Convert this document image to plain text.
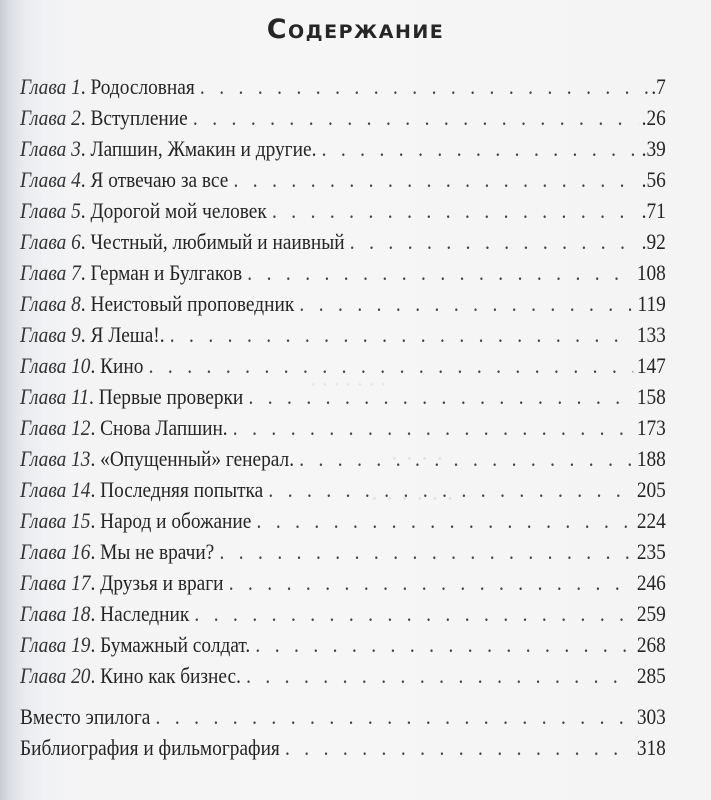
· · · · · · ·
· · · ·
· · · · · ·
Содержание
Глава 1 . Родословная . . .	.7
Глава 2 . Вступление . . .	.26
Глава 3 . Лапшин, Жмакин и другие. . . .	.39
Глава 4 . Я отвечаю за все . . .	.56
Глава 5 . Дорогой мой человек . . .	.71
Глава 6 . Честный, любимый и наивный . . .	.92
Глава 7 . Герман и Булгаков . . .	108
Глава 8 . Неистовый проповедник . . .	119
Глава 9 . Я Леша!. . . .	133
Глава 10 . Кино . . .	147
Глава 11 . Первые проверки . . .	158
Глава 12 . Снова Лапшин. . . .	173
Глава 13 . «Опущенный» генерал. . . .	188
Глава 14 . Последняя попытка . . .	205
Глава 15 . Народ и обожание . . .	224
Глава 16 . Мы не врачи? . . .	235
Глава 17 . Друзья и враги . . .	246
Глава 18 . Наследник . . .	259
Глава 19 . Бумажный солдат. . . .	268
Глава 20 . Кино как бизнес. . . .	285
Вместо эпилога . . .	303
Библиография и фильмография . . .	318
